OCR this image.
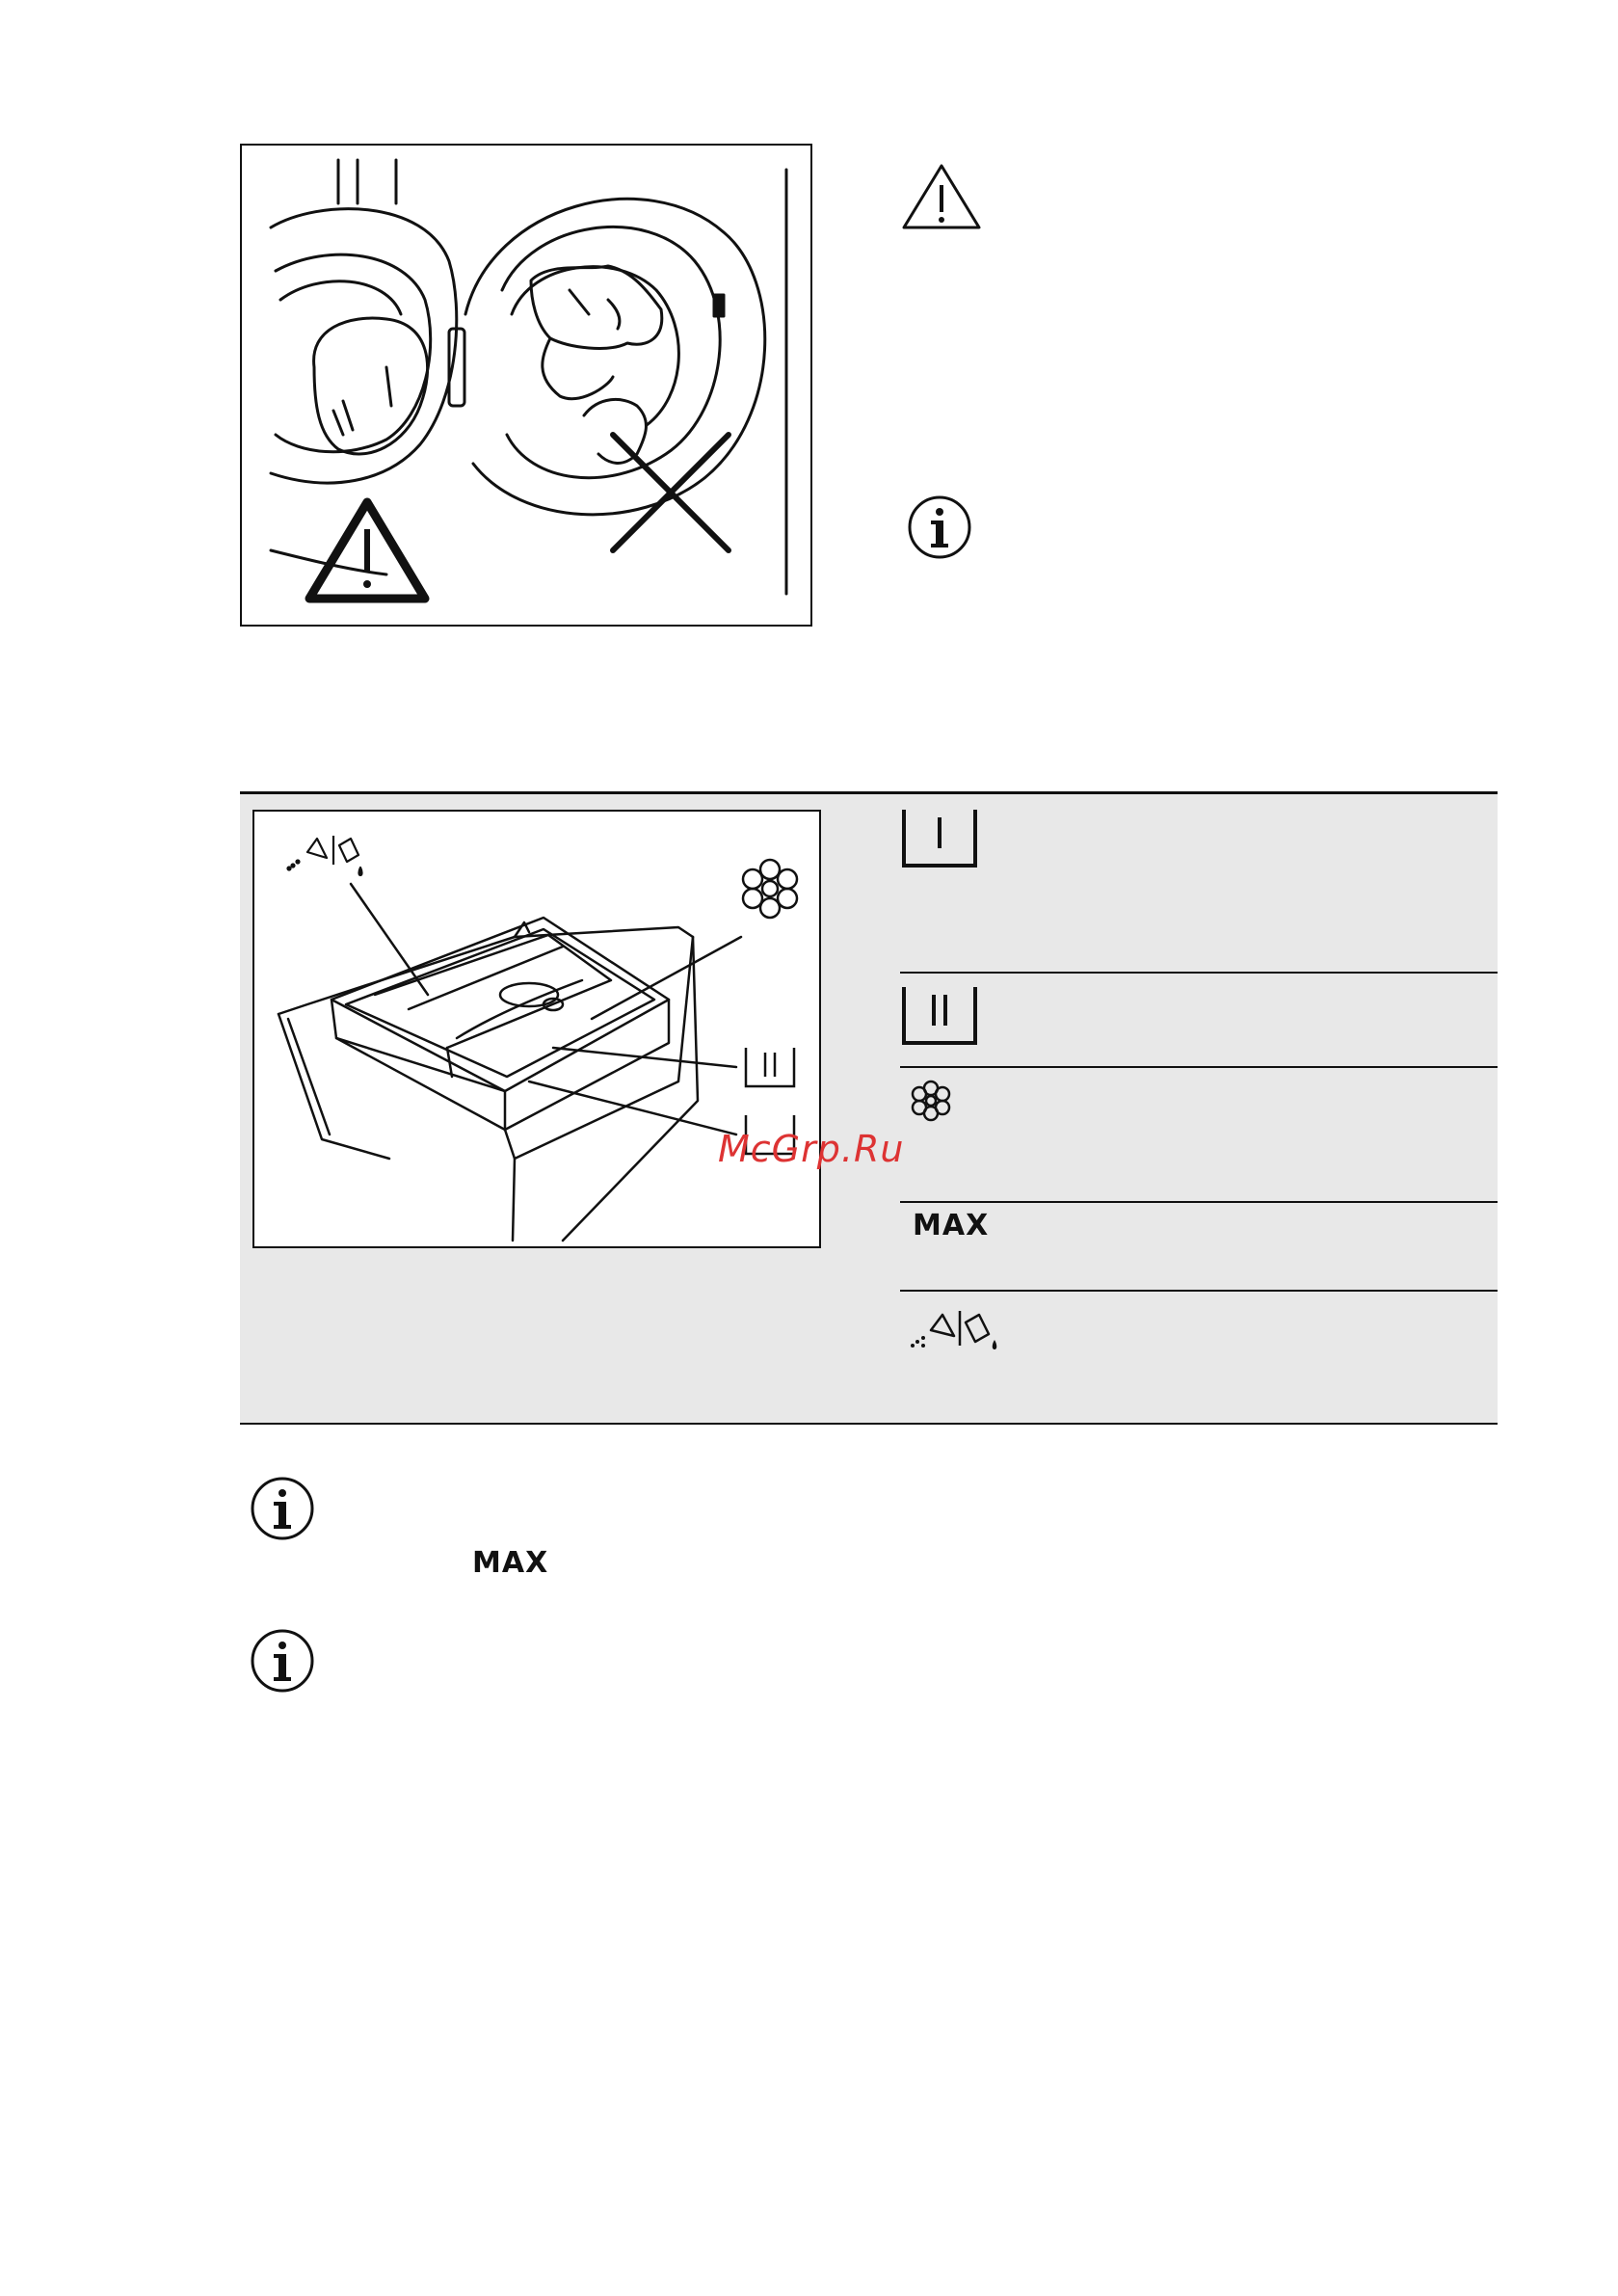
MAX
McGrp.Ru
MAX
